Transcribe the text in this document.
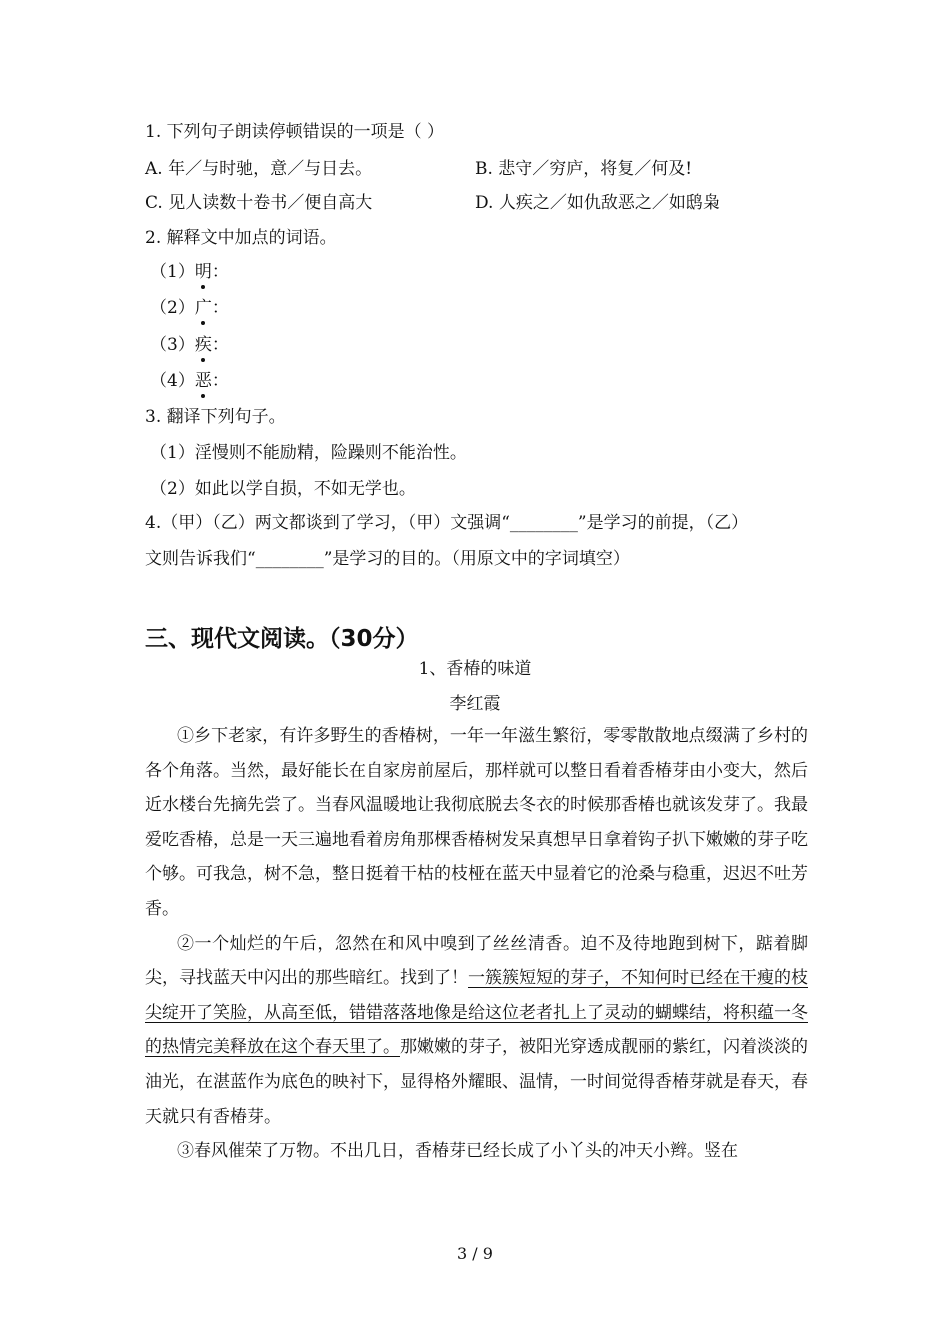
1. 下列句子朗读停顿错误的一项是（ ）
A. 年／与时驰，意／与日去。	B. 悲守／穷庐，将复／何及!
C. 见人读数十卷书／便自高大	D. 人疾之／如仇敌恶之／如鸱枭
2. 解释文中加点的词语。
（1）明：
（2）广：
（3）疾：
（4）恶：
3. 翻译下列句子。
（1）淫慢则不能励精，险躁则不能治性。
（2）如此以学自损，不如无学也。
4.（甲）（乙）两文都谈到了学习，（甲）文强调“________”是学习的前提，（乙）
文则告诉我们“________”是学习的目的。（用原文中的字词填空）
三、现代文阅读。（30分）
1、香椿的味道
李红霞

①乡下老家，有许多野生的香椿树，一年一年滋生繁衍，零零散散地点缀满了乡村的各个角落。当然，最好能长在自家房前屋后，那样就可以整日看着香椿芽由小变大，然后近水楼台先摘先尝了。当春风温暖地让我彻底脱去冬衣的时候那香椿也就该发芽了。我最爱吃香椿，总是一天三遍地看着房角那棵香椿树发呆真想早日拿着钩子扒下嫩嫩的芽子吃个够。可我急，树不急，整日挺着干枯的枝桠在蓝天中显着它的沧桑与稳重，迟迟不吐芳香。

②一个灿烂的午后，忽然在和风中嗅到了丝丝清香。迫不及待地跑到树下，踮着脚尖，寻找蓝天中闪出的那些暗红。找到了！一簇簇短短的芽子，不知何时已经在干瘦的枝尖绽开了笑脸，从高至低，错错落落地像是给这位老者扎上了灵动的蝴蝶结，将积蕴一冬的热情完美释放在这个春天里了。那嫩嫩的芽子，被阳光穿透成靓丽的紫红，闪着淡淡的油光，在湛蓝作为底色的映衬下，显得格外耀眼、温情，一时间觉得香椿芽就是春天，春天就只有香椿芽。

③春风催荣了万物。不出几日，香椿芽已经长成了小丫头的冲天小辫。竖在

3 / 9
